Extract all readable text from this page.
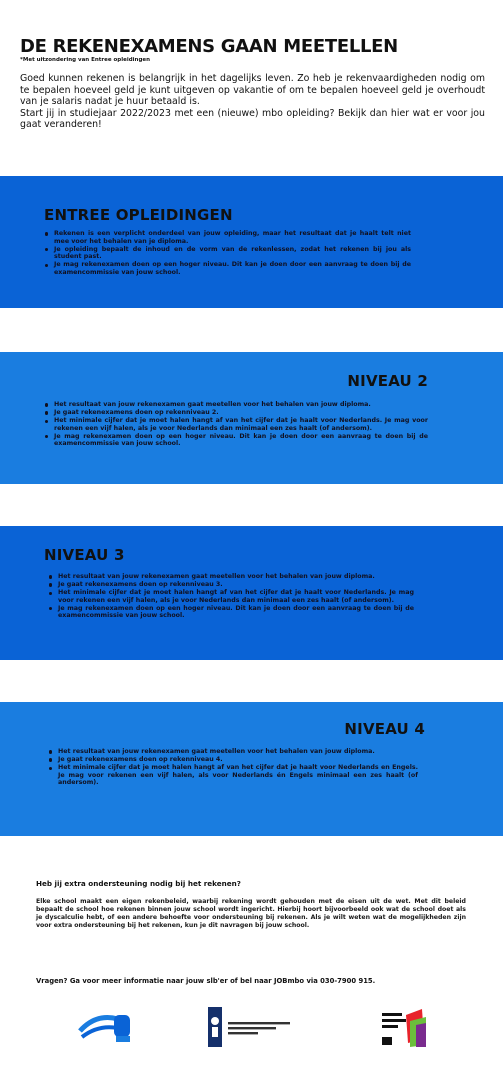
DE REKENEXAMENS GAAN MEETELLEN
*Met uitzondering van Entree opleidingen

Goed kunnen rekenen is belangrijk in het dagelijks leven. Zo heb je rekenvaardigheden nodig om te bepalen hoeveel geld je kunt uitgeven op vakantie of om te bepalen hoeveel geld je overhoudt van je salaris nadat je huur betaald is.

Start jij in studiejaar 2022/2023 met een (nieuwe) mbo opleiding? Bekijk dan hier wat er voor jou gaat veranderen!

ENTREE OPLEIDINGEN
Rekenen is een verplicht onderdeel van jouw opleiding, maar het resultaat dat je haalt telt niet mee voor het behalen van je diploma.
Je opleiding bepaalt de inhoud en de vorm van de rekenlessen, zodat het rekenen bij jou als student past.
Je mag rekenexamen doen op een hoger niveau. Dit kan je doen door een aanvraag te doen bij de examencommissie van jouw school.
NIVEAU 2
Het resultaat van jouw rekenexamen gaat meetellen voor het behalen van jouw diploma.
Je gaat rekenexamens doen op rekenniveau 2.
Het minimale cijfer dat je moet halen hangt af van het cijfer dat je haalt voor Nederlands. Je mag voor rekenen een vijf halen, als je voor Nederlands dan minimaal een zes haalt (of andersom).
Je mag rekenexamen doen op een hoger niveau. Dit kan je doen door een aanvraag te doen bij de examencommissie van jouw school.
NIVEAU 3
Het resultaat van jouw rekenexamen gaat meetellen voor het behalen van jouw diploma.
Je gaat rekenexamens doen op rekenniveau 3.
Het minimale cijfer dat je moet halen hangt af van het cijfer dat je haalt voor Nederlands. Je mag voor rekenen een vijf halen, als je voor Nederlands dan minimaal een zes haalt (of andersom).
Je mag rekenexamen doen op een hoger niveau. Dit kan je doen door een aanvraag te doen bij de examencommissie van jouw school.
NIVEAU 4
Het resultaat van jouw rekenexamen gaat meetellen voor het behalen van jouw diploma.
Je gaat rekenexamens doen op rekenniveau 4.
Het minimale cijfer dat je moet halen hangt af van het cijfer dat je haalt voor Nederlands en Engels. Je mag voor rekenen een vijf halen, als voor Nederlands én Engels minimaal een zes haalt (of andersom).
Heb jij extra ondersteuning nodig bij het rekenen?
Elke school maakt een eigen rekenbeleid, waarbij rekening wordt gehouden met de eisen uit de wet. Met dit beleid bepaalt de school hoe rekenen binnen jouw school wordt ingericht. Hierbij hoort bijvoorbeeld ook wat de school doet als je dyscalculie hebt, of een andere behoefte voor ondersteuning bij rekenen. Als je wilt weten wat de mogelijkheden zijn voor extra ondersteuning bij het rekenen, kun je dit navragen bij jouw school.
Vragen? Ga voor meer informatie naar jouw slb'er of bel naar JOBmbo via 030-7900 915.
